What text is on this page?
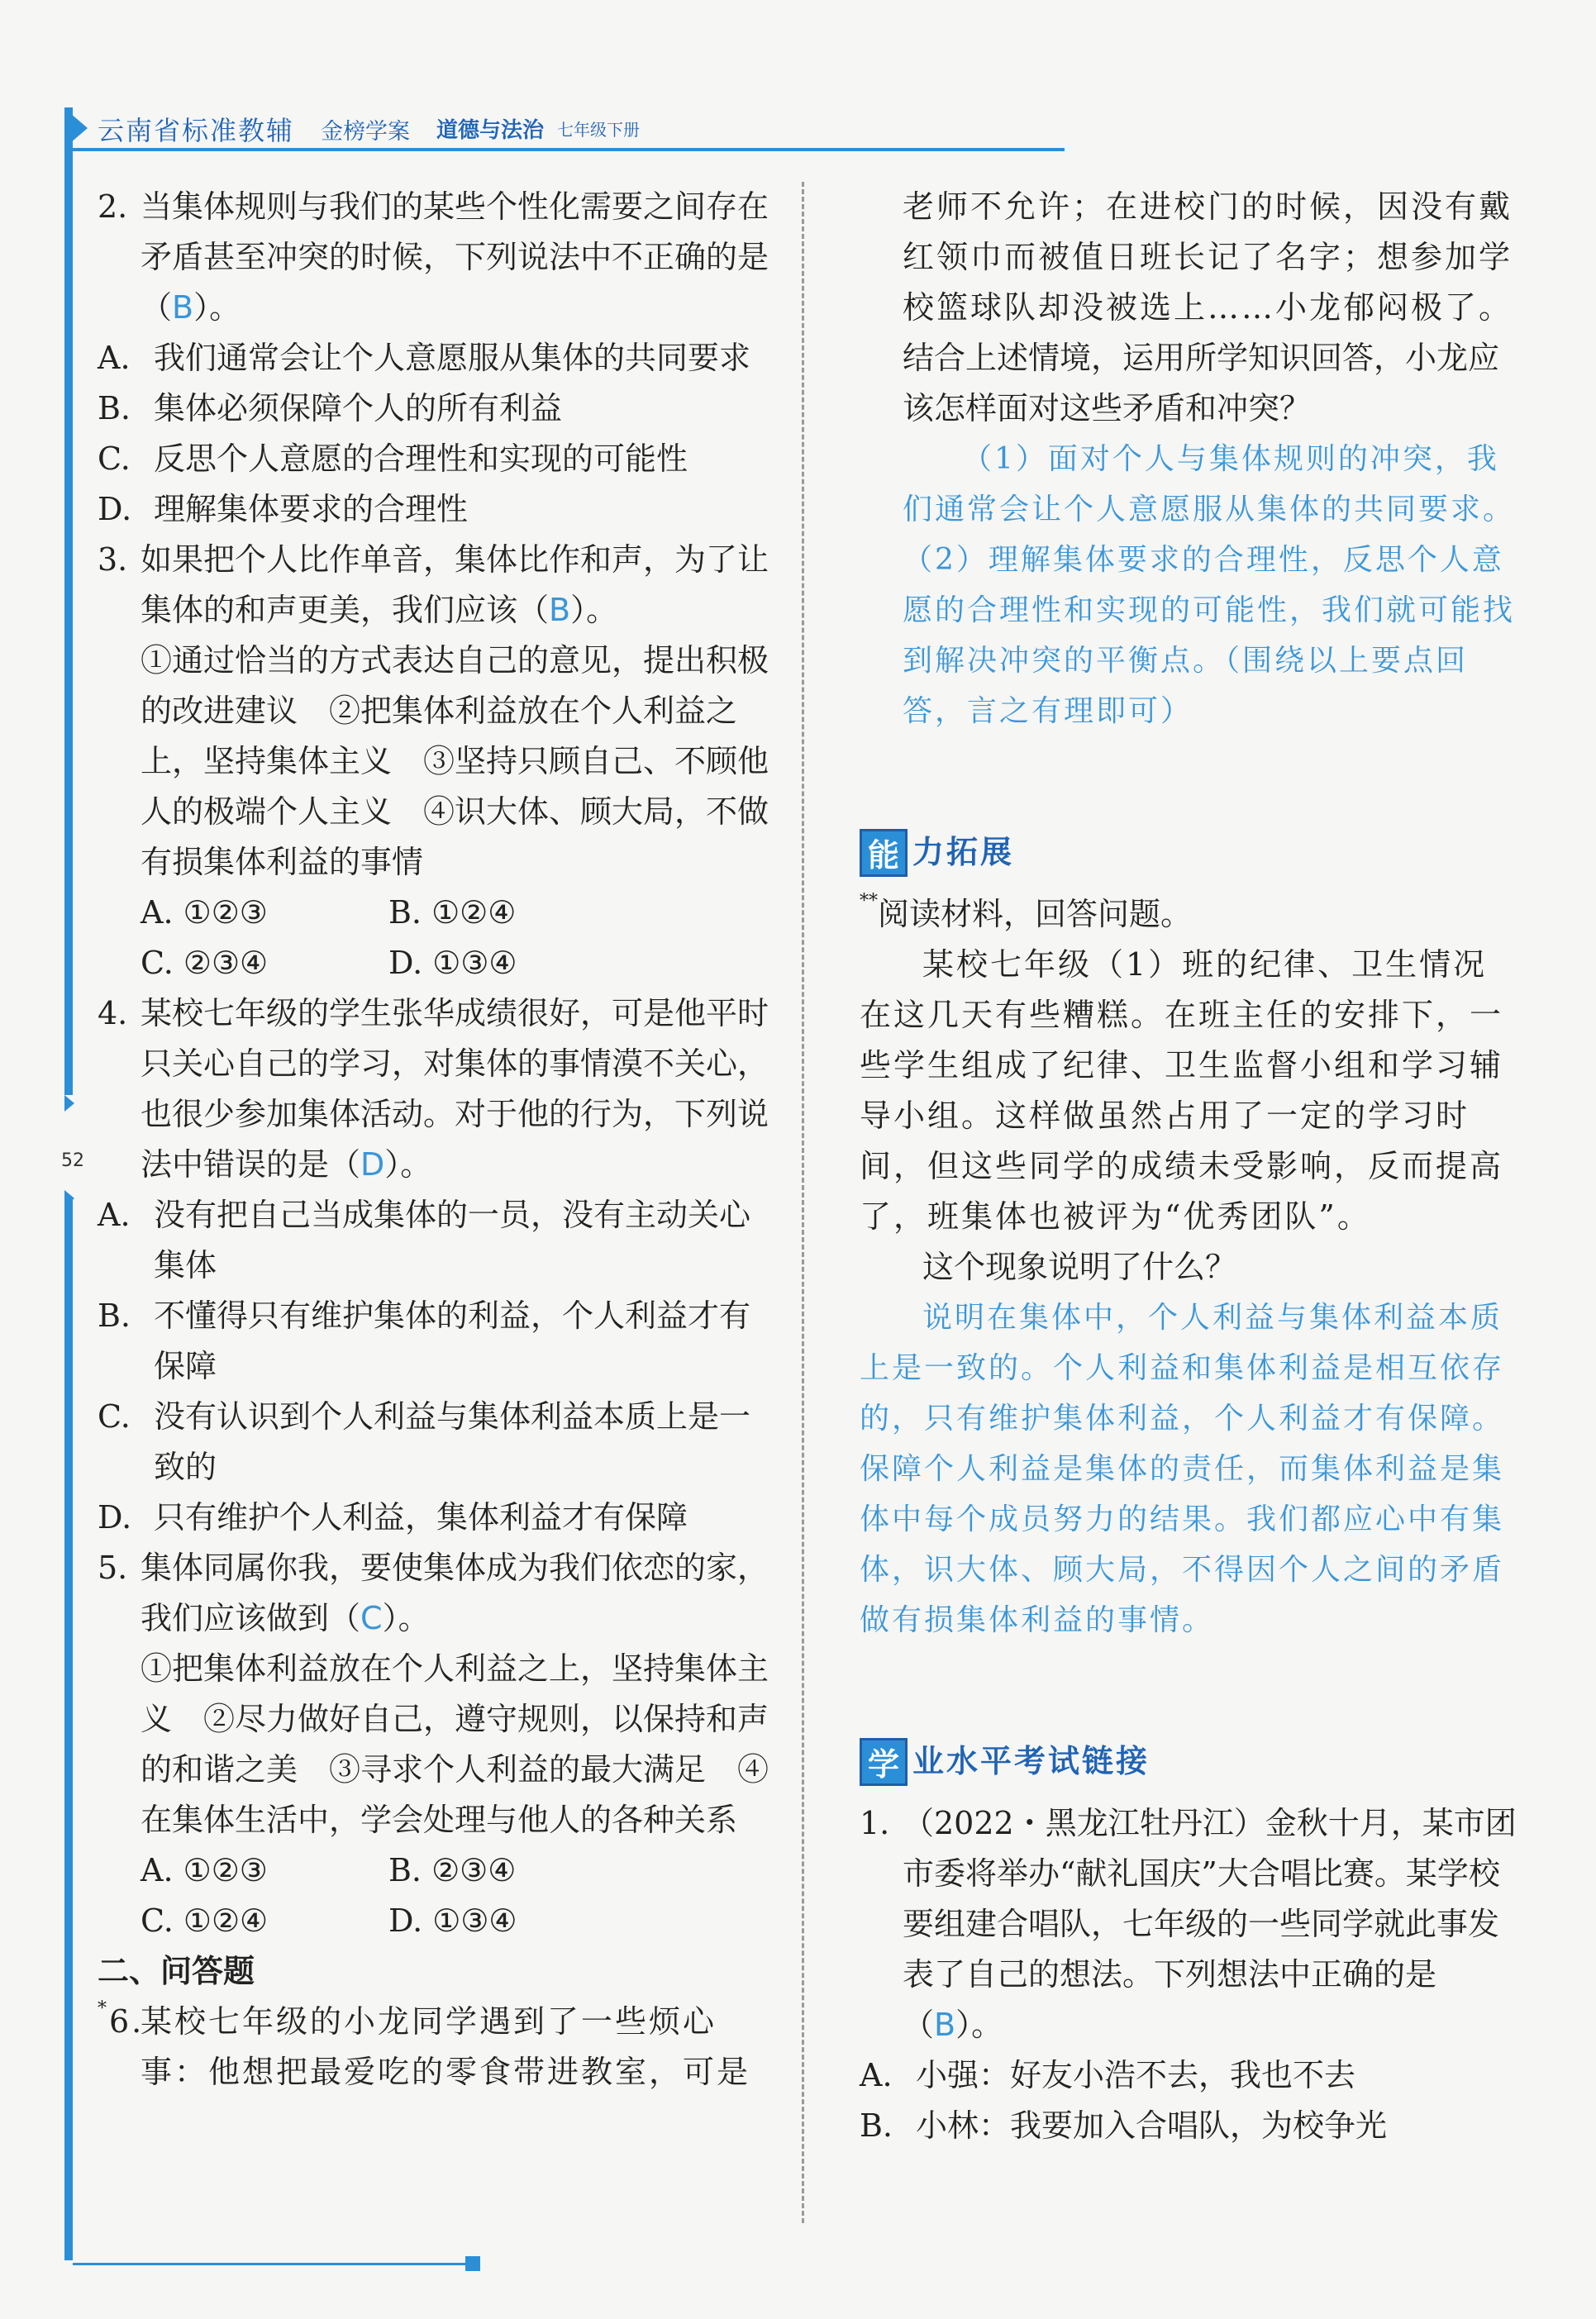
云南省标准教辅 金榜学案 道德与法治 七年级下册
52
2. 当集体规则与我们的某些个性化需要之间存在矛盾甚至冲突的时候，下列说法中不正确的是（B）。
A. 我们通常会让个人意愿服从集体的共同要求
B. 集体必须保障个人的所有利益
C. 反思个人意愿的合理性和实现的可能性
D. 理解集体要求的合理性
3. 如果把个人比作单音，集体比作和声，为了让集体的和声更美，我们应该（B）。
①通过恰当的方式表达自己的意见，提出积极的改进建议　②把集体利益放在个人利益之上，坚持集体主义　③坚持只顾自己、不顾他人的极端个人主义　④识大体、顾大局，不做有损集体利益的事情
A. ①②③	B. ①②④
C. ②③④	D. ①③④
4. 某校七年级的学生张华成绩很好，可是他平时只关心自己的学习，对集体的事情漠不关心，也很少参加集体活动。对于他的行为，下列说法中错误的是（D）。
A. 没有把自己当成集体的一员，没有主动关心集体
B. 不懂得只有维护集体的利益，个人利益才有保障
C. 没有认识到个人利益与集体利益本质上是一致的
D. 只有维护个人利益，集体利益才有保障
5. 集体同属你我，要使集体成为我们依恋的家，我们应该做到（C）。
①把集体利益放在个人利益之上，坚持集体主义　②尽力做好自己，遵守规则，以保持和声的和谐之美　③寻求个人利益的最大满足　④在集体生活中，学会处理与他人的各种关系
A. ①②③	B. ②③④
C. ①②④	D. ①③④
二、问答题
*6.
某校七年级的小龙同学遇到了一些烦心事：他想把最爱吃的零食带进教室，可是
老师不允许；在进校门的时候，因没有戴红领巾而被值日班长记了名字；想参加学校篮球队却没被选上……小龙郁闷极了。
结合上述情境，运用所学知识回答，小龙应该怎样面对这些矛盾和冲突？
（1）面对个人与集体规则的冲突，我们通常会让个人意愿服从集体的共同要求。（2）理解集体要求的合理性，反思个人意愿的合理性和实现的可能性，我们就可能找到解决冲突的平衡点。（围绕以上要点回答，言之有理即可）
能 力拓展
**阅读材料，回答问题。
某校七年级（1）班的纪律、卫生情况在这几天有些糟糕。在班主任的安排下，一些学生组成了纪律、卫生监督小组和学习辅导小组。这样做虽然占用了一定的学习时间，但这些同学的成绩未受影响，反而提高了，班集体也被评为“优秀团队”。
这个现象说明了什么？
说明在集体中，个人利益与集体利益本质上是一致的。个人利益和集体利益是相互依存的，只有维护集体利益，个人利益才有保障。保障个人利益是集体的责任，而集体利益是集体中每个成员努力的结果。我们都应心中有集体，识大体、顾大局，不得因个人之间的矛盾做有损集体利益的事情。
学 业水平考试链接
1. （2022・黑龙江牡丹江）金秋十月，某市团市委将举办“献礼国庆”大合唱比赛。某学校要组建合唱队，七年级的一些同学就此事发表了自己的想法。下列想法中正确的是（B）。
A. 小强：好友小浩不去，我也不去
B. 小林：我要加入合唱队，为校争光
